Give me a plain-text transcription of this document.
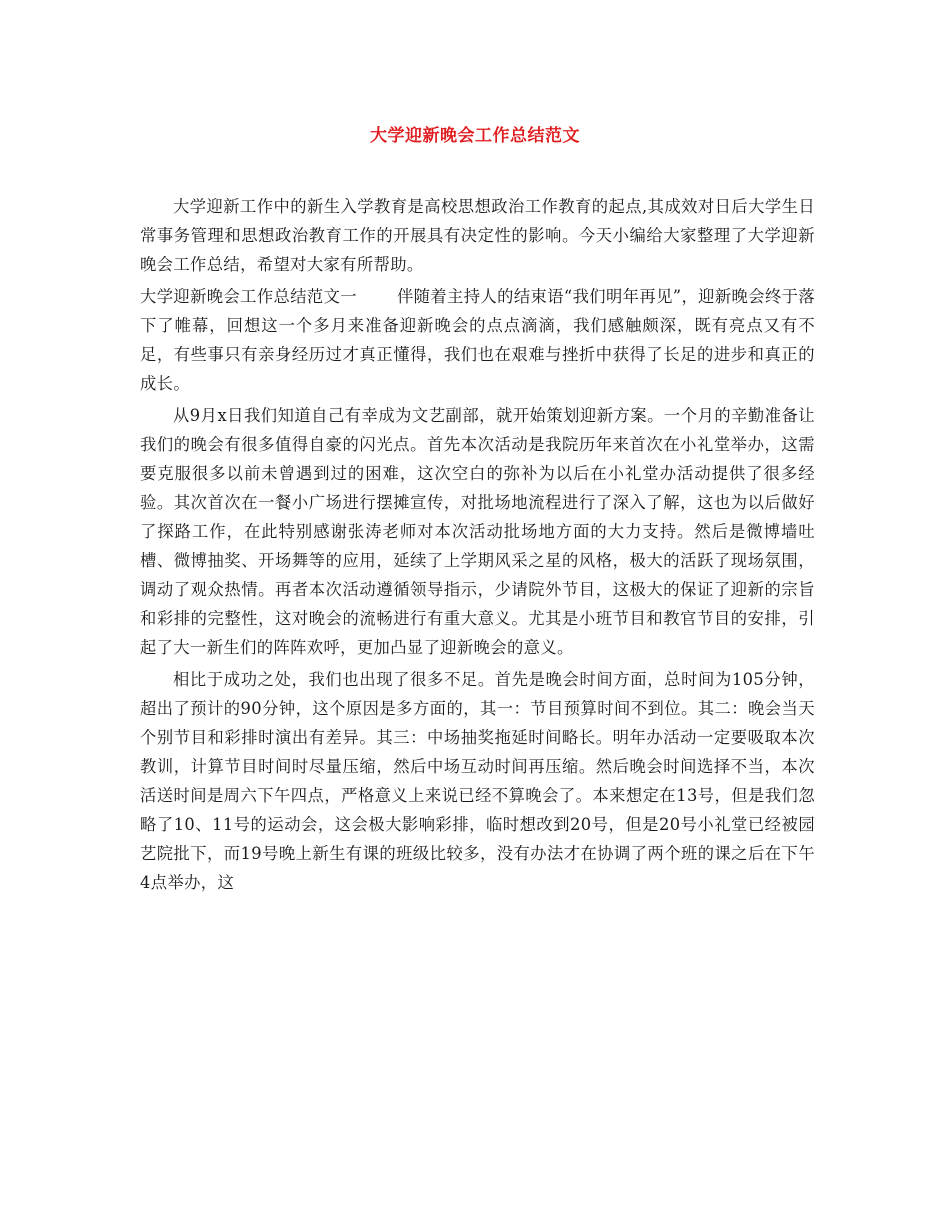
大学迎新晚会工作总结范文

大学迎新工作中的新生入学教育是高校思想政治工作教育的起点,其成效对日后大学生日常事务管理和思想政治教育工作的开展具有决定性的影响。今天小编给大家整理了大学迎新晚会工作总结，希望对大家有所帮助。

大学迎新晚会工作总结范文一 伴随着主持人的结束语“我们明年再见”，迎新晚会终于落下了帷幕，回想这一个多月来准备迎新晚会的点点滴滴，我们感触颇深，既有亮点又有不足，有些事只有亲身经历过才真正懂得，我们也在艰难与挫折中获得了长足的进步和真正的成长。

从9月x日我们知道自己有幸成为文艺副部，就开始策划迎新方案。一个月的辛勤准备让我们的晚会有很多值得自豪的闪光点。首先本次活动是我院历年来首次在小礼堂举办，这需要克服很多以前未曾遇到过的困难，这次空白的弥补为以后在小礼堂办活动提供了很多经验。其次首次在一餐小广场进行摆摊宣传，对批场地流程进行了深入了解，这也为以后做好了探路工作，在此特别感谢张涛老师对本次活动批场地方面的大力支持。然后是微博墙吐槽、微博抽奖、开场舞等的应用，延续了上学期风采之星的风格，极大的活跃了现场氛围，调动了观众热情。再者本次活动遵循领导指示，少请院外节目，这极大的保证了迎新的宗旨和彩排的完整性，这对晚会的流畅进行有重大意义。尤其是小班节目和教官节目的安排，引起了大一新生们的阵阵欢呼，更加凸显了迎新晚会的意义。

相比于成功之处，我们也出现了很多不足。首先是晚会时间方面，总时间为105分钟，超出了预计的90分钟，这个原因是多方面的，其一：节目预算时间不到位。其二：晚会当天个别节目和彩排时演出有差异。其三：中场抽奖拖延时间略长。明年办活动一定要吸取本次教训，计算节目时间时尽量压缩，然后中场互动时间再压缩。然后晚会时间选择不当，本次活送时间是周六下午四点，严格意义上来说已经不算晚会了。本来想定在13号，但是我们忽略了10、11号的运动会，这会极大影响彩排，临时想改到20号，但是20号小礼堂已经被园艺院批下，而19号晚上新生有课的班级比较多，没有办法才在协调了两个班的课之后在下午4点举办，这
